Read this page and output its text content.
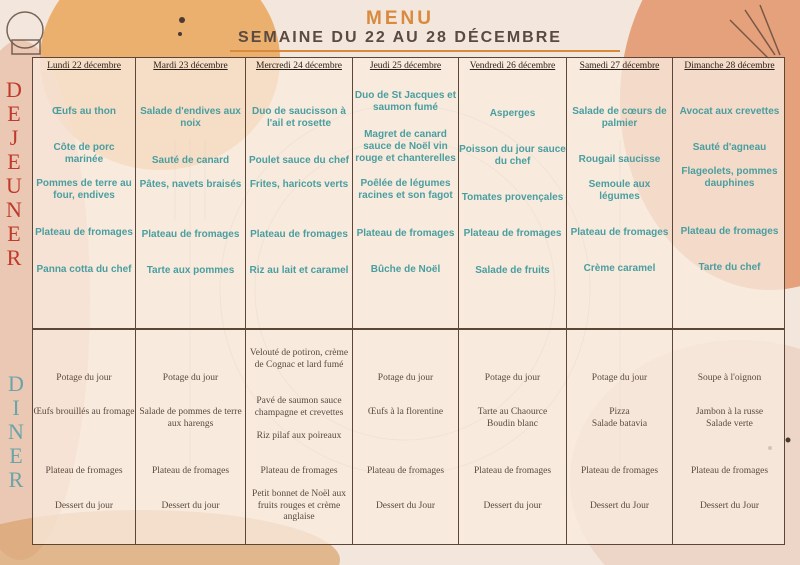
MENU
SEMAINE DU 22 AU 28 DÉCEMBRE
D
E
J
E
U
N
E
R
D
I
N
E
R
Lundi 22 décembre
Œufs au thon
Côte de porc marinée
Pommes de terre au four, endives
Plateau de fromages
Panna cotta du chef
Potage du jour
Œufs brouillés au fromage
Plateau de fromages
Dessert du jour
Mardi 23 décembre
Salade d'endives aux noix
Sauté de canard
Pâtes, navets braisés
Plateau de fromages
Tarte aux pommes
Potage du jour
Salade de pommes de terre aux harengs
Plateau de fromages
Dessert du jour
Mercredi 24 décembre
Duo de saucisson à l'ail et rosette
Poulet sauce du chef
Frites, haricots verts
Plateau de fromages
Riz au lait et caramel
Velouté de potiron, crème de Cognac et lard fumé
Pavé de saumon sauce champagne et crevettes
Riz pilaf aux poireaux
Plateau de fromages
Petit bonnet de Noël aux fruits rouges et crème anglaise
Jeudi 25 décembre
Duo de St Jacques et saumon fumé
Magret de canard sauce de Noël vin rouge et chanterelles
Poêlée de légumes racines et son fagot
Plateau de fromages
Bûche de Noël
Potage du jour
Œufs à la florentine
Plateau de fromages
Dessert du Jour
Vendredi 26 décembre
Asperges
Poisson du jour sauce du chef
Tomates provençales
Plateau de fromages
Salade de fruits
Potage du jour
Tarte au Chaource
Boudin blanc
Plateau de fromages
Dessert du jour
Samedi 27 décembre
Salade de cœurs de palmier
Rougail saucisse
Semoule aux légumes
Plateau de fromages
Crème caramel
Potage du jour
Pizza
Salade batavia
Plateau de fromages
Dessert du Jour
Dimanche 28 décembre
Avocat aux crevettes
Sauté d'agneau
Flageolets, pommes dauphines
Plateau de fromages
Tarte du chef
Soupe à l'oignon
Jambon à la russe
Salade verte
Plateau de fromages
Dessert du Jour
